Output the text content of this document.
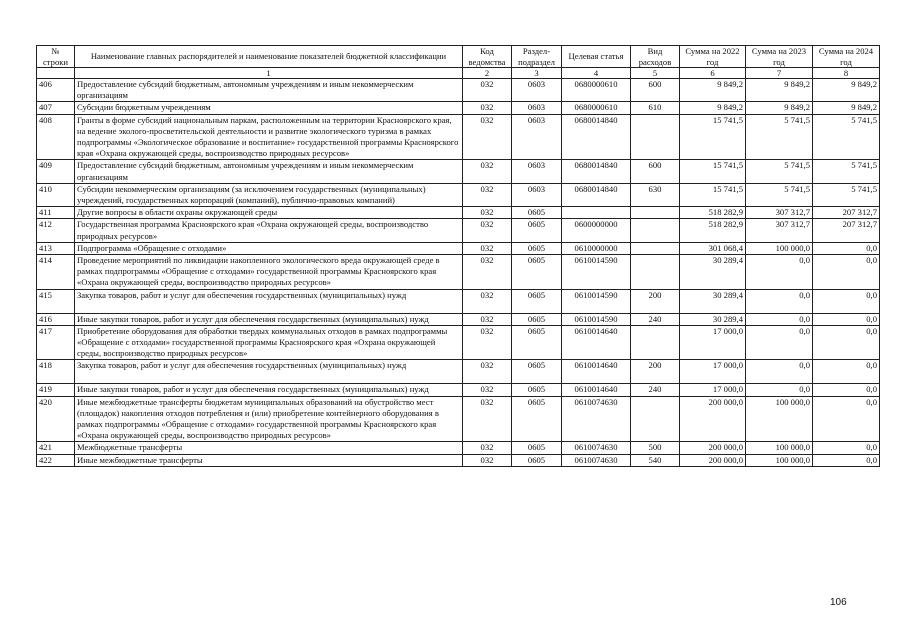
№ строки	Наименование главных распорядителей и наименование показателей бюджетной классификации	Код ведомства	Раздел-подраздел	Целевая статья	Вид расходов	Сумма на 2022 год	Сумма на 2023 год	Сумма на 2024 год
	1	2	3	4	5	6	7	8
406	Предоставление субсидий бюджетным, автономным учреждениям и иным некоммерческим организациям	032	0603	0680000610	600	9 849,2	9 849,2	9 849,2
407	Субсидии бюджетным учреждениям	032	0603	0680000610	610	9 849,2	9 849,2	9 849,2
408	Гранты в форме субсидий национальным паркам, расположенным на территории Красноярского края, на ведение эколого-просветительской деятельности и развитие экологического туризма в рамках подпрограммы «Экологическое образование и воспитание» государственной программы Красноярского края «Охрана окружающей среды, воспроизводство природных ресурсов»	032	0603	0680014840		15 741,5	5 741,5	5 741,5
409	Предоставление субсидий бюджетным, автономным учреждениям и иным некоммерческим организациям	032	0603	0680014840	600	15 741,5	5 741,5	5 741,5
410	Субсидии некоммерческим организациям (за исключением государственных (муниципальных) учреждений, государственных корпораций (компаний), публично-правовых компаний)	032	0603	0680014840	630	15 741,5	5 741,5	5 741,5
411	Другие вопросы в области охраны окружающей среды	032	0605			518 282,9	307 312,7	207 312,7
412	Государственная программа Красноярского края «Охрана окружающей среды, воспроизводство природных ресурсов»	032	0605	0600000000		518 282,9	307 312,7	207 312,7
413	Подпрограмма «Обращение с отходами»	032	0605	0610000000		301 068,4	100 000,0	0,0
414	Проведение мероприятий по ликвидации накопленного экологического вреда окружающей среде в рамках подпрограммы «Обращение с отходами» государственной программы Красноярского края «Охрана окружающей среды, воспроизводство природных ресурсов»	032	0605	0610014590		30 289,4	0,0	0,0
415	Закупка товаров, работ и услуг для обеспечения государственных (муниципальных) нужд	032	0605	0610014590	200	30 289,4	0,0	0,0
416	Иные закупки товаров, работ и услуг для обеспечения государственных (муниципальных) нужд	032	0605	0610014590	240	30 289,4	0,0	0,0
417	Приобретение оборудования для обработки твердых коммунальных отходов в рамках подпрограммы «Обращение с отходами» государственной программы Красноярского края «Охрана окружающей среды, воспроизводство природных ресурсов»	032	0605	0610014640		17 000,0	0,0	0,0
418	Закупка товаров, работ и услуг для обеспечения государственных (муниципальных) нужд	032	0605	0610014640	200	17 000,0	0,0	0,0
419	Иные закупки товаров, работ и услуг для обеспечения государственных (муниципальных) нужд	032	0605	0610014640	240	17 000,0	0,0	0,0
420	Иные межбюджетные трансферты бюджетам муниципальных образований на обустройство мест (площадок) накопления отходов потребления и (или) приобретение контейнерного оборудования в рамках подпрограммы «Обращение с отходами» государственной программы Красноярского края «Охрана окружающей среды, воспроизводство природных ресурсов»	032	0605	0610074630		200 000,0	100 000,0	0,0
421	Межбюджетные трансферты	032	0605	0610074630	500	200 000,0	100 000,0	0,0
422	Иные межбюджетные трансферты	032	0605	0610074630	540	200 000,0	100 000,0	0,0
106
